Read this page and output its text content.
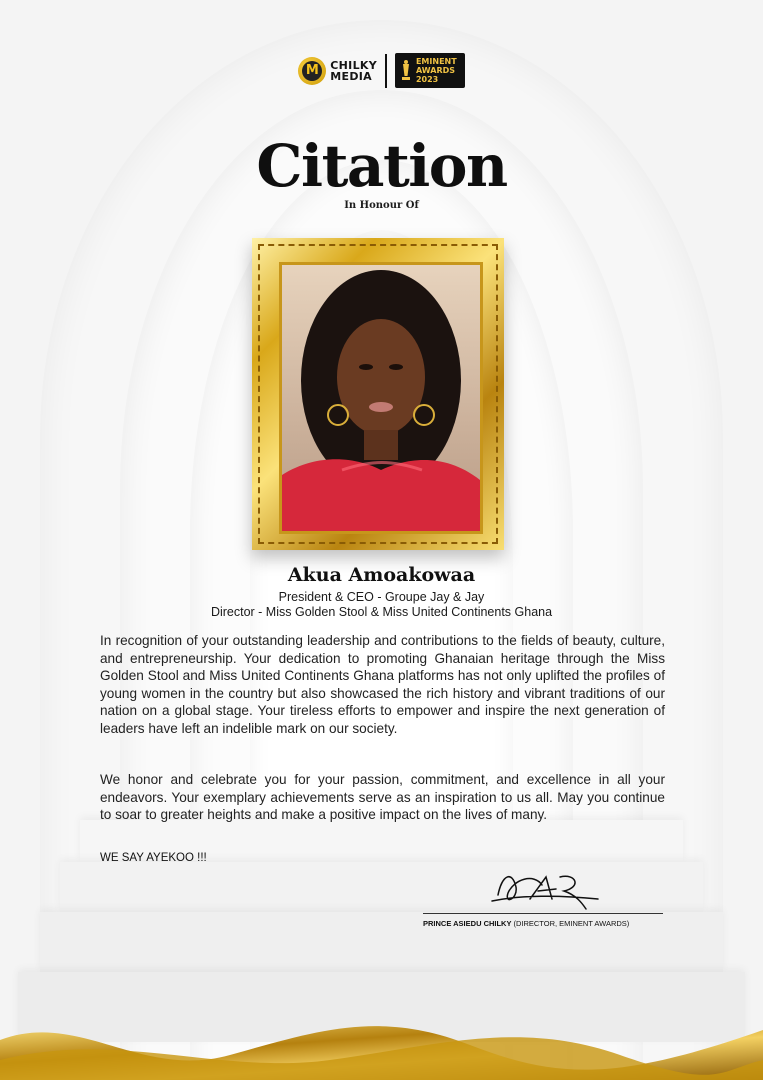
M	CHILKY
MEDIA
EMINENT
AWARDS
2023
Citation
In Honour Of
Akua Amoakowaa
President & CEO - Groupe Jay & Jay
Director - Miss Golden Stool & Miss United Continents Ghana
In recognition of your outstanding leadership and contributions to the fields of beauty, culture, and entrepreneurship. Your dedication to promoting Ghanaian heritage through the Miss Golden Stool and Miss United Continents Ghana platforms has not only uplifted the profiles of young women in the country but also showcased the rich history and vibrant traditions of our nation on a global stage. Your tireless efforts to empower and inspire the next generation of leaders have left an indelible mark on our society.
We honor and celebrate you for your passion, commitment, and excellence in all your endeavors. Your exemplary achievements serve as an inspiration to us all. May you continue to soar to greater heights and make a positive impact on the lives of many.
WE SAY AYEKOO !!!
PRINCE ASIEDU CHILKY (DIRECTOR, EMINENT AWARDS)
